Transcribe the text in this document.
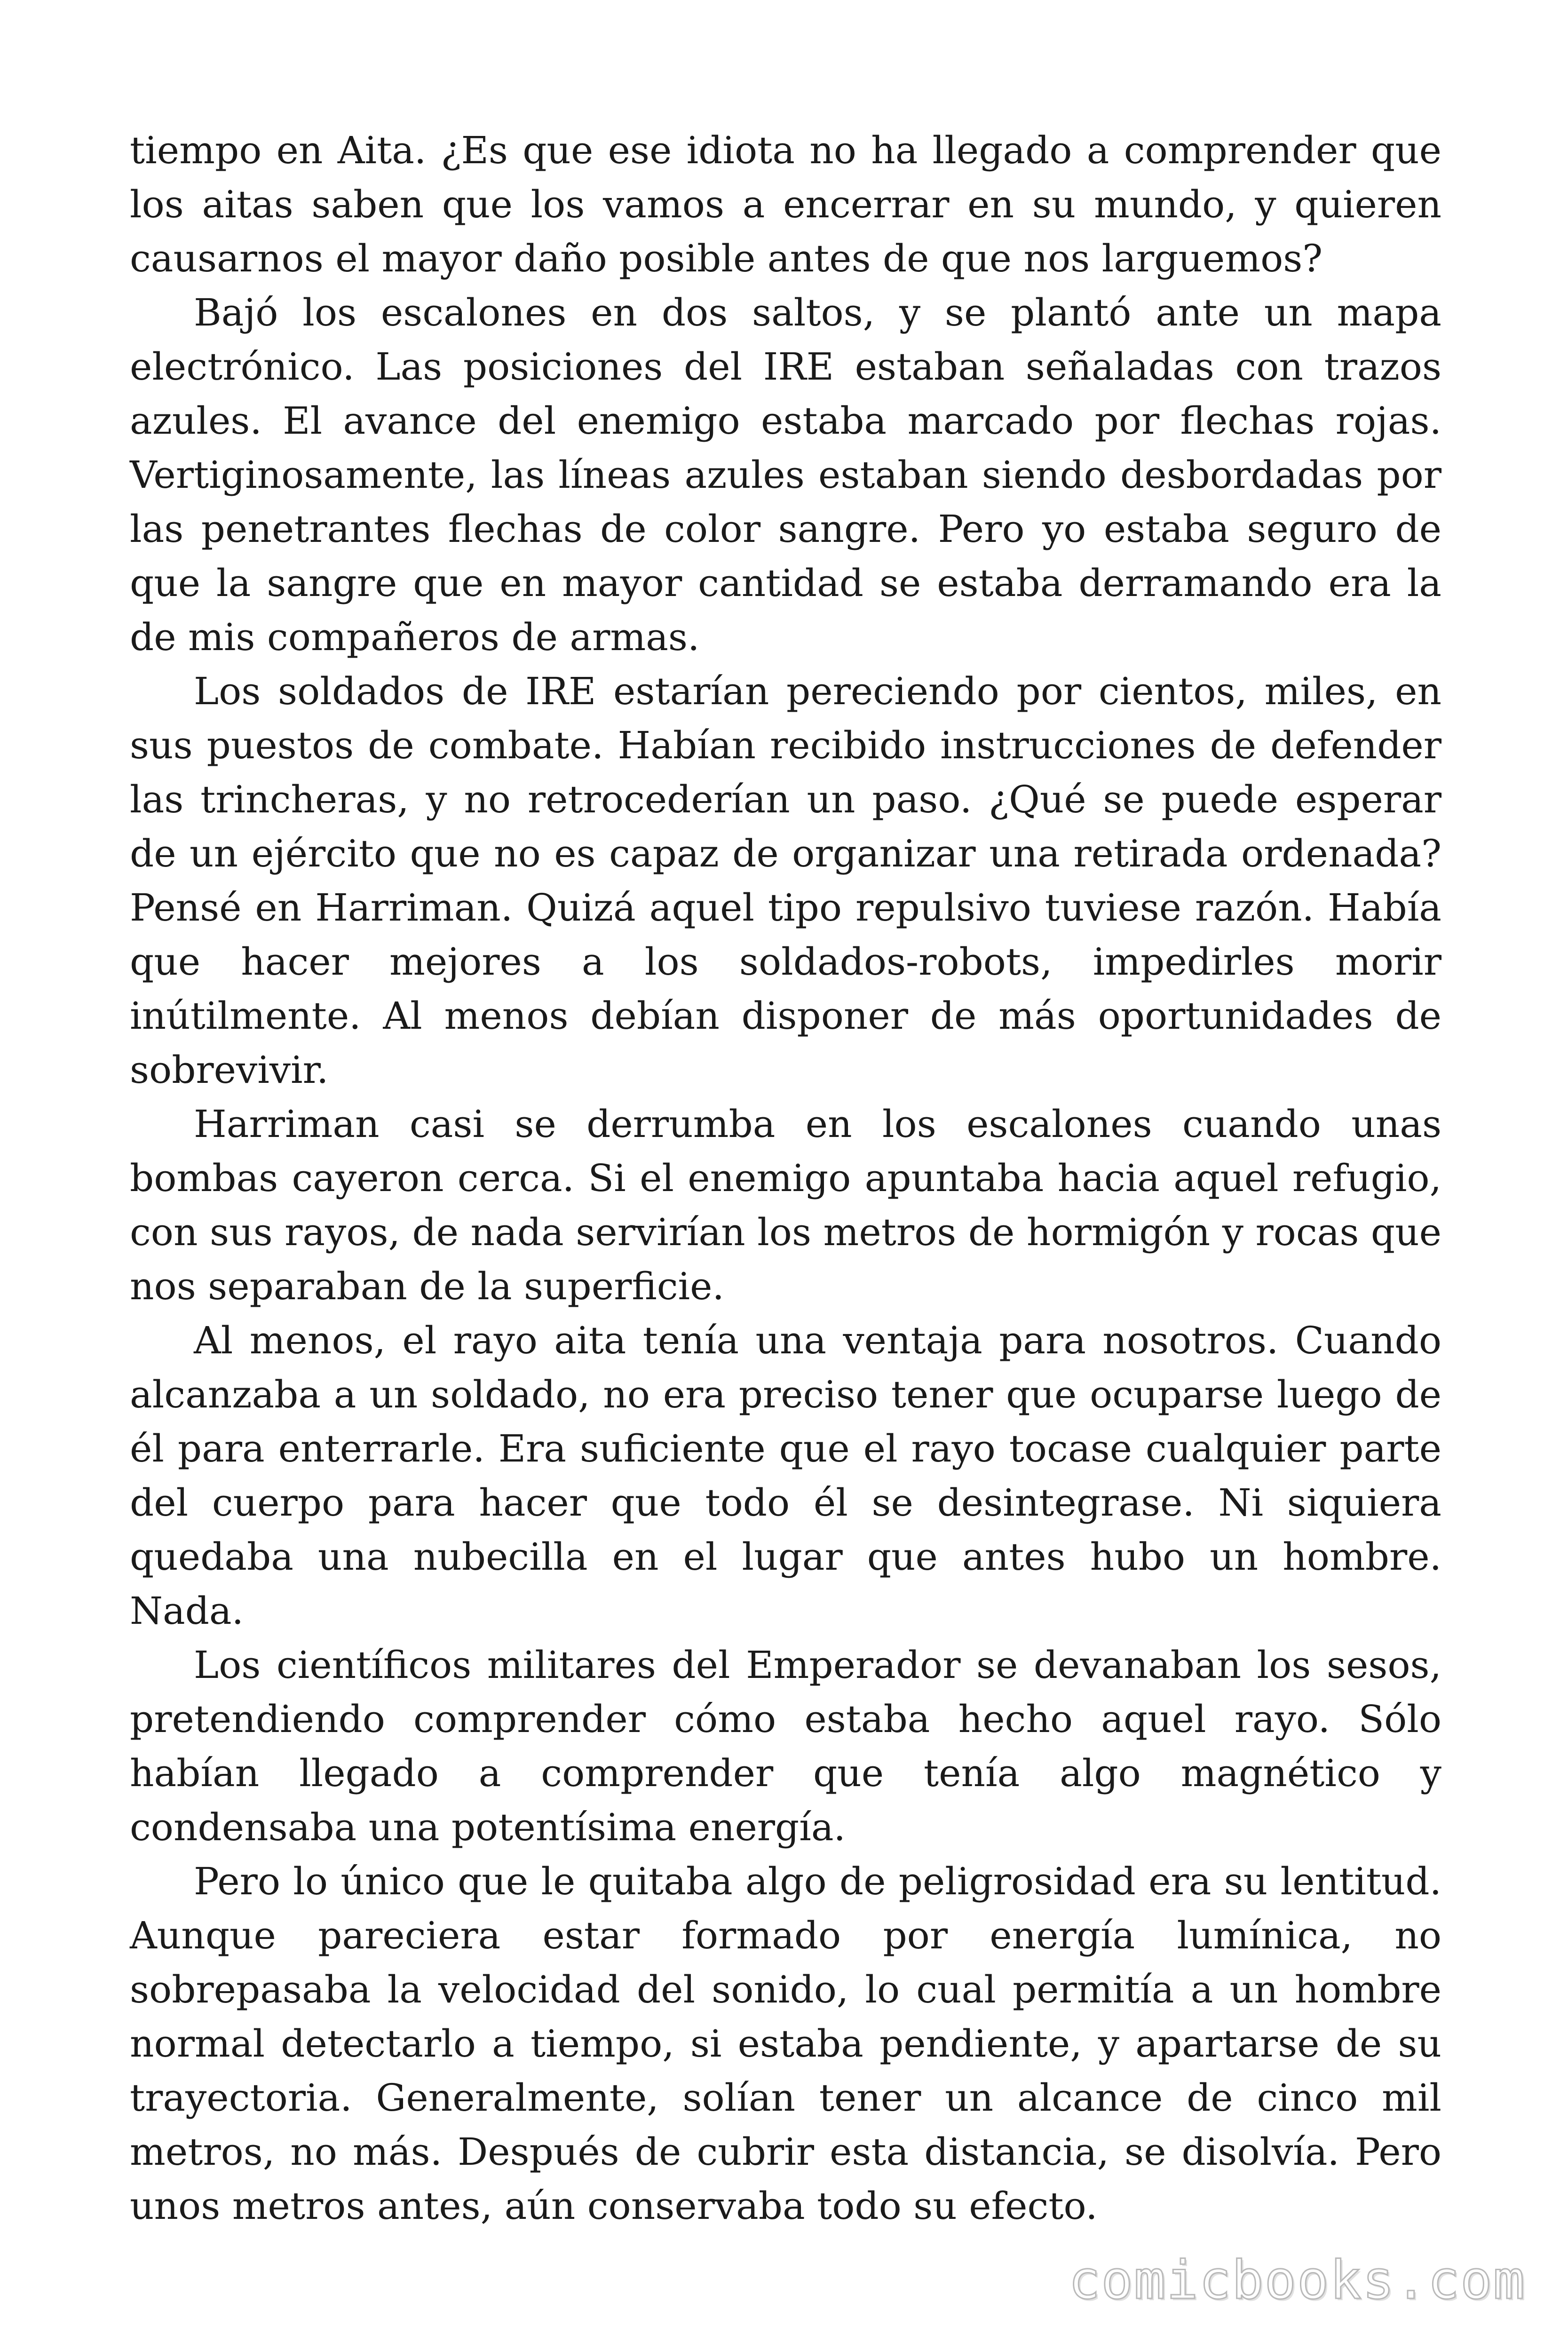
tiempo en Aita. ¿Es que ese idiota no ha llegado a comprender que los aitas saben que los vamos a encerrar en su mundo, y quieren causarnos el mayor daño posible antes de que nos larguemos?

Bajó los escalones en dos saltos, y se plantó ante un mapa electrónico. Las posiciones del IRE estaban señaladas con trazos azules. El avance del enemigo estaba marcado por flechas rojas. Vertiginosamente, las líneas azules estaban siendo desbordadas por las penetrantes flechas de color sangre. Pero yo estaba seguro de que la sangre que en mayor cantidad se estaba derramando era la de mis compañeros de armas.

Los soldados de IRE estarían pereciendo por cientos, miles, en sus puestos de combate. Habían recibido instrucciones de defender las trincheras, y no retrocederían un paso. ¿Qué se puede esperar de un ejército que no es capaz de organizar una retirada ordenada? Pensé en Harriman. Quizá aquel tipo repulsivo tuviese razón. Había que hacer mejores a los soldados-robots, impedirles morir inútilmente. Al menos debían disponer de más oportunidades de sobrevivir.

Harriman casi se derrumba en los escalones cuando unas bombas cayeron cerca. Si el enemigo apuntaba hacia aquel refugio, con sus rayos, de nada servirían los metros de hormigón y rocas que nos separaban de la superficie.

Al menos, el rayo aita tenía una ventaja para nosotros. Cuando alcanzaba a un soldado, no era preciso tener que ocuparse luego de él para enterrarle. Era suficiente que el rayo tocase cualquier parte del cuerpo para hacer que todo él se desintegrase. Ni siquiera quedaba una nubecilla en el lugar que antes hubo un hombre. Nada.

Los científicos militares del Emperador se devanaban los sesos, pretendiendo comprender cómo estaba hecho aquel rayo. Sólo habían llegado a comprender que tenía algo magnético y condensaba una potentísima energía.

Pero lo único que le quitaba algo de peligrosidad era su lentitud. Aunque pareciera estar formado por energía lumínica, no sobrepasaba la velocidad del sonido, lo cual permitía a un hombre normal detectarlo a tiempo, si estaba pendiente, y apartarse de su trayectoria. Generalmente, solían tener un alcance de cinco mil metros, no más. Después de cubrir esta distancia, se disolvía. Pero unos metros antes, aún conservaba todo su efecto.

comicbooks.com
